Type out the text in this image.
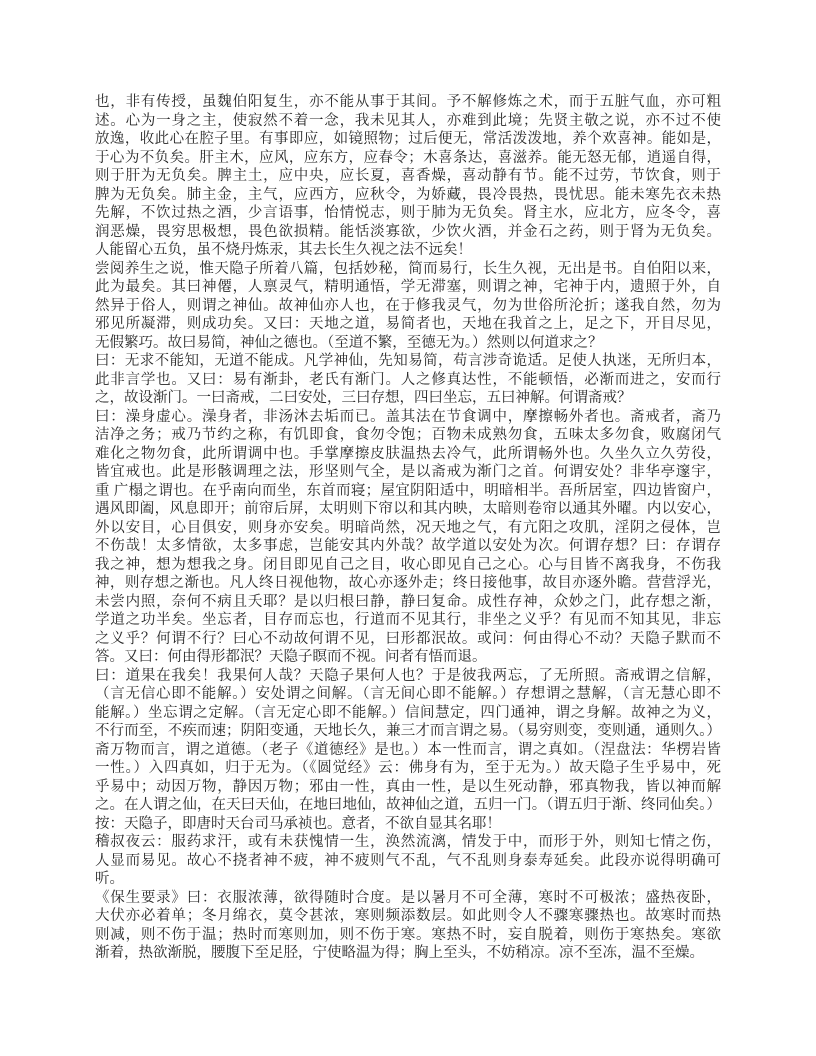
也，非有传授，虽魏伯阳复生，亦不能从事于其间。予不解修炼之术，而于五脏气血，亦可粗
述。心为一身之主，使寂然不着一念，我未见其人，亦难到此境；先贤主敬之说，亦不过不使
放逸，收此心在腔子里。有事即应，如镜照物；过后便无，常活泼泼地，养个欢喜神。能如是，
于心为不负矣。肝主木，应风，应东方，应春令；木喜条达，喜滋养。能无怒无郁，逍遥自得，
则于肝为无负矣。脾主土，应中央，应长夏，喜香燥，喜动静有节。能不过劳，节饮食，则于
脾为无负矣。肺主金，主气，应西方，应秋令，为娇藏，畏冷畏热，畏忧思。能未寒先衣未热
先解，不饮过热之酒，少言语事，怡情悦志，则于肺为无负矣。肾主水，应北方，应冬令，喜
润恶燥，畏穷思极想，畏色欲损精。能恬淡寡欲，少饮火酒，并金石之药，则于肾为无负矣。
人能留心五负，虽不烧丹炼汞，其去长生久视之法不远矣！
尝阅养生之说，惟天隐子所着八篇，包括妙秘，简而易行，长生久视，无出是书。自伯阳以来，
此为最矣。其曰神僊，人禀灵气，精明通悟，学无滞塞，则谓之神，宅神于内，遗照于外，自
然异于俗人，则谓之神仙。故神仙亦人也，在于修我灵气，勿为世俗所沦折；遂我自然，勿为
邪见所凝滞，则成功矣。又曰：天地之道，易简者也，天地在我首之上，足之下，开目尽见，
无假繁巧。故曰易简，神仙之德也。（至道不繁，至德无为。）然则以何道求之？
曰：无求不能知，无道不能成。凡学神仙，先知易简，苟言涉奇诡适。足使人执迷，无所归本，
此非言学也。又曰：易有渐卦，老氏有渐门。人之修真达性，不能顿悟，必渐而进之，安而行
之，故设渐门。一曰斋戒，二曰安处，三曰存想，四曰坐忘，五曰神解。何谓斋戒？
曰：澡身虚心。澡身者，非汤沐去垢而已。盖其法在节食调中，摩擦畅外者也。斋戒者，斋乃
洁净之务；戒乃节约之称，有饥即食，食勿令饱；百物未成熟勿食，五味太多勿食，败腐闭气
难化之物勿食，此所谓调中也。手掌摩擦皮肤温热去冷气，此所谓畅外也。久坐久立久劳役，
皆宜戒也。此是形骸调理之法，形坚则气全，是以斋戒为渐门之首。何谓安处？非华亭邃宇，
重 广榻之谓也。在乎南向而坐，东首而寝；屋宜阴阳适中，明暗相半。吾所居室，四边皆窗户，
遇风即阖，风息即开；前帘后屏，太明则下帘以和其内映，太暗则卷帘以通其外曜。内以安心，
外以安目，心目俱安，则身亦安矣。明暗尚然，况天地之气，有亢阳之攻肌，淫阴之侵体，岂
不伤哉！太多情欲，太多事虑，岂能安其内外哉？故学道以安处为次。何谓存想？曰：存谓存
我之神，想为想我之身。闭目即见自己之目，收心即见自己之心。心与目皆不离我身，不伤我
神，则存想之渐也。凡人终日视他物，故心亦逐外走；终日接他事，故目亦逐外瞻。营营浮光，
未尝内照，奈何不病且夭耶？是以归根曰静，静曰复命。成性存神，众妙之门，此存想之渐，
学道之功半矣。坐忘者，目存而忘也，行道而不见其行，非坐之义乎？有见而不知其见，非忘
之义乎？何谓不行？曰心不动故何谓不见，曰形都泯故。或问：何由得心不动？天隐子默而不
答。又曰：何由得形都泯？天隐子瞑而不视。问者有悟而退。
曰：道果在我矣！我果何人哉？天隐子果何人也？于是彼我两忘，了无所照。斋戒谓之信解，
（言无信心即不能解。）安处谓之间解。（言无间心即不能解。）存想谓之慧解，（言无慧心即不
能解。）坐忘谓之定解。（言无定心即不能解。）信间慧定，四门通神，谓之身解。故神之为义，
不行而至，不疾而速；阴阳变通，天地长久，兼三才而言谓之易。（易穷则变，变则通，通则久。）
斋万物而言，谓之道德。（老子《道德经》是也。）本一性而言，谓之真如。（涅盘法：华楞岩皆
一性。）入四真如，归于无为。（《圆觉经》云：佛身有为，至于无为。）故天隐子生乎易中，死
乎易中；动因万物，静因万物；邪由一性，真由一性，是以生死动静，邪真物我，皆以神而解
之。在人谓之仙，在天曰天仙，在地曰地仙，故神仙之道，五归一门。（谓五归于渐、终同仙矣。）
按：天隐子，即唐时天台司马承祯也。意者，不欲自显其名耶！
稽叔夜云：服药求汗，或有未获愧情一生，涣然流漓，情发于中，而形于外，则知七情之伤，
人显而易见。故心不挠者神不疲，神不疲则气不乱，气不乱则身泰寿延矣。此段亦说得明确可
听。
《保生要录》曰：衣服浓薄，欲得随时合度。是以暑月不可全薄，寒时不可极浓；盛热夜卧，
大伏亦必着单；冬月绵衣，莫令甚浓，寒则频添数层。如此则令人不骤寒骤热也。故寒时而热
则减，则不伤于温；热时而寒则加，则不伤于寒。寒热不时，妄自脱着，则伤于寒热矣。寒欲
渐着，热欲渐脱，腰腹下至足胫，宁使略温为得；胸上至头，不妨稍凉。凉不至冻，温不至燥。
